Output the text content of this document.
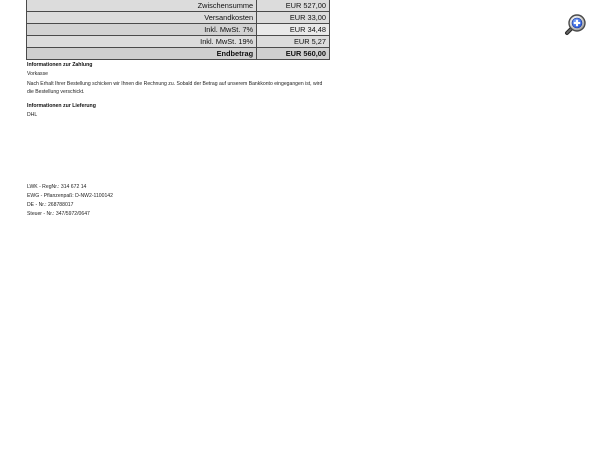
Zwischensumme	EUR 527,00
Versandkosten	EUR 33,00
Inkl. MwSt. 7%	EUR 34,48
Inkl. MwSt. 19%	EUR 5,27
Endbetrag	EUR 560,00
Informationen zur Zahlung
Vorkasse
Nach Erhalt Ihrer Bestellung schicken wir Ihnen die Rechnung zu. Sobald der Betrag auf unserem Bankkonto eingegangen ist, wird die Bestellung verschickt.
Informationen zur Lieferung
DHL
LWK - RegNr.: 314 672 14
EWG - Pflanzenpaß: D-NW2-1100142
DE - Nr.: 268788017
Steuer - Nr.: 347/5972/0647
